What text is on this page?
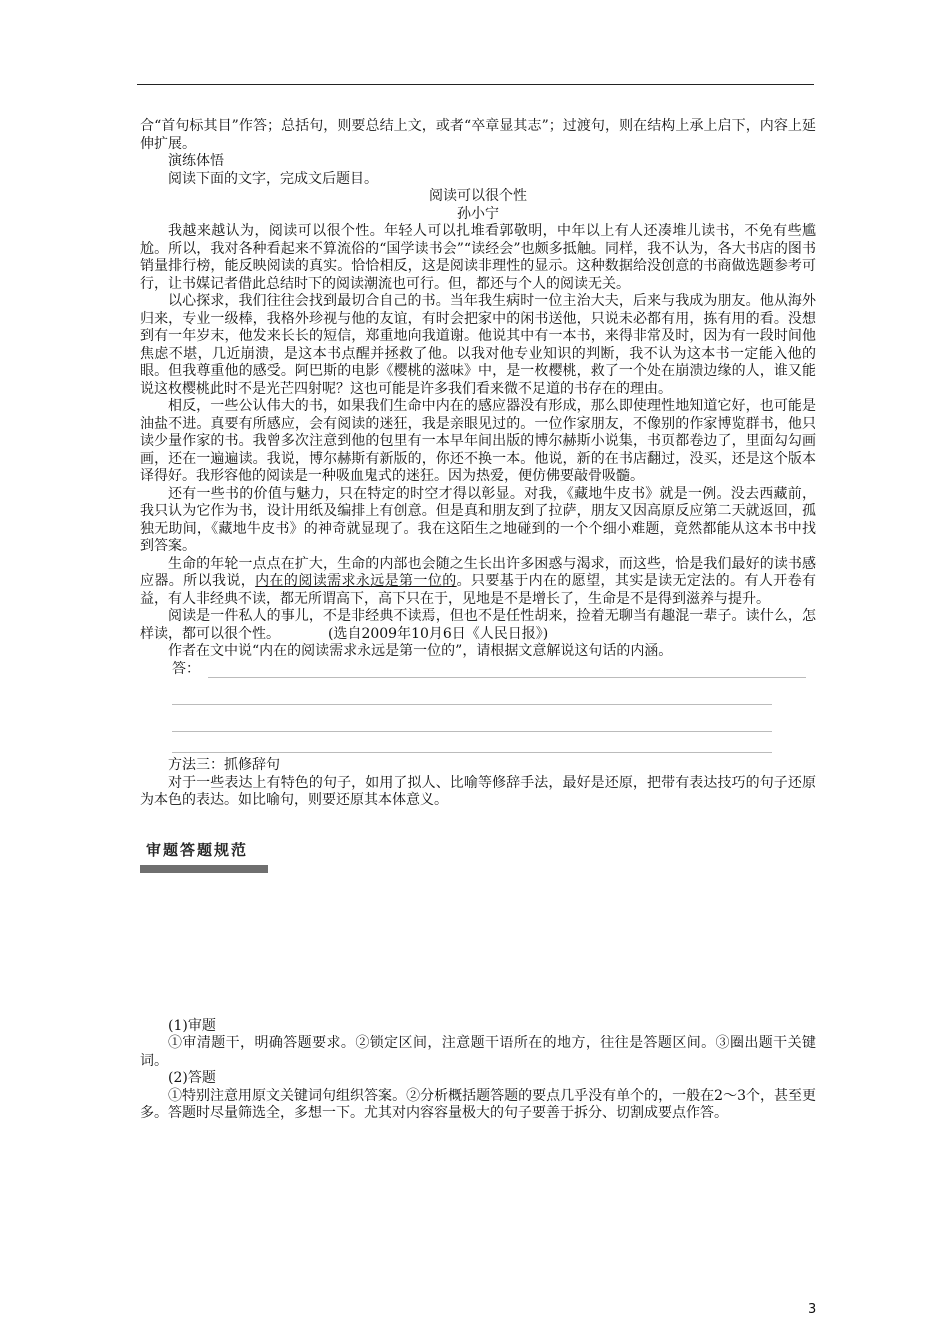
合“首句标其目”作答；总括句，则要总结上文，或者“卒章显其志”；过渡句，则在结构上承上启下，内容上延伸扩展。

演练体悟

阅读下面的文字，完成文后题目。

阅读可以很个性

孙小宁

我越来越认为，阅读可以很个性。年轻人可以扎堆看郭敬明，中年以上有人还凑堆儿读书，不免有些尴尬。所以，我对各种看起来不算流俗的“国学读书会”“读经会”也颇多抵触。同样，我不认为，各大书店的图书销量排行榜，能反映阅读的真实。恰恰相反，这是阅读非理性的显示。这种数据给没创意的书商做选题参考可行，让书媒记者借此总结时下的阅读潮流也可行。但，都还与个人的阅读无关。

以心探求，我们往往会找到最切合自己的书。当年我生病时一位主治大夫，后来与我成为朋友。他从海外归来，专业一级棒，我格外珍视与他的友谊，有时会把家中的闲书送他，只说未必都有用，拣有用的看。没想到有一年岁末，他发来长长的短信，郑重地向我道谢。他说其中有一本书，来得非常及时，因为有一段时间他焦虑不堪，几近崩溃，是这本书点醒并拯救了他。以我对他专业知识的判断，我不认为这本书一定能入他的眼。但我尊重他的感受。阿巴斯的电影《樱桃的滋味》中，是一枚樱桃，救了一个处在崩溃边缘的人，谁又能说这枚樱桃此时不是光芒四射呢？这也可能是许多我们看来微不足道的书存在的理由。

相反，一些公认伟大的书，如果我们生命中内在的感应器没有形成，那么即使理性地知道它好，也可能是油盐不进。真要有所感应，会有阅读的迷狂，我是亲眼见过的。一位作家朋友，不像别的作家博览群书，他只读少量作家的书。我曾多次注意到他的包里有一本早年间出版的博尔赫斯小说集，书页都卷边了，里面勾勾画画，还在一遍遍读。我说，博尔赫斯有新版的，你还不换一本。他说，新的在书店翻过，没买，还是这个版本译得好。我形容他的阅读是一种吸血鬼式的迷狂。因为热爱，便仿佛要敲骨吸髓。

还有一些书的价值与魅力，只在特定的时空才得以彰显。对我，《藏地牛皮书》就是一例。没去西藏前，我只认为它作为书，设计用纸及编排上有创意。但是真和朋友到了拉萨，朋友又因高原反应第二天就返回，孤独无助间，《藏地牛皮书》的神奇就显现了。我在这陌生之地碰到的一个个细小难题，竟然都能从这本书中找到答案。

生命的年轮一点点在扩大，生命的内部也会随之生长出许多困惑与渴求，而这些，恰是我们最好的读书感应器。所以我说，内在的阅读需求永远是第一位的。只要基于内在的愿望，其实是读无定法的。有人开卷有益，有人非经典不读，都无所谓高下，高下只在于，见地是不是增长了，生命是不是得到滋养与提升。

阅读是一件私人的事儿，不是非经典不读焉，但也不是任性胡来，捡着无聊当有趣混一辈子。读什么，怎样读，都可以很个性。	(选自2009年10月6日《人民日报》)

作者在文中说“内在的阅读需求永远是第一位的”，请根据文意解说这句话的内涵。

答：

方法三：抓修辞句

对于一些表达上有特色的句子，如用了拟人、比喻等修辞手法，最好是还原，把带有表达技巧的句子还原为本色的表达。如比喻句，则要还原其本体意义。

审题答题规范

(1)审题

①审清题干，明确答题要求。②锁定区间，注意题干语所在的地方，往往是答题区间。③圈出题干关键词。

(2)答题

①特别注意用原文关键词句组织答案。②分析概括题答题的要点几乎没有单个的，一般在2～3个，甚至更多。答题时尽量筛选全，多想一下。尤其对内容容量极大的句子要善于拆分、切割成要点作答。

3
